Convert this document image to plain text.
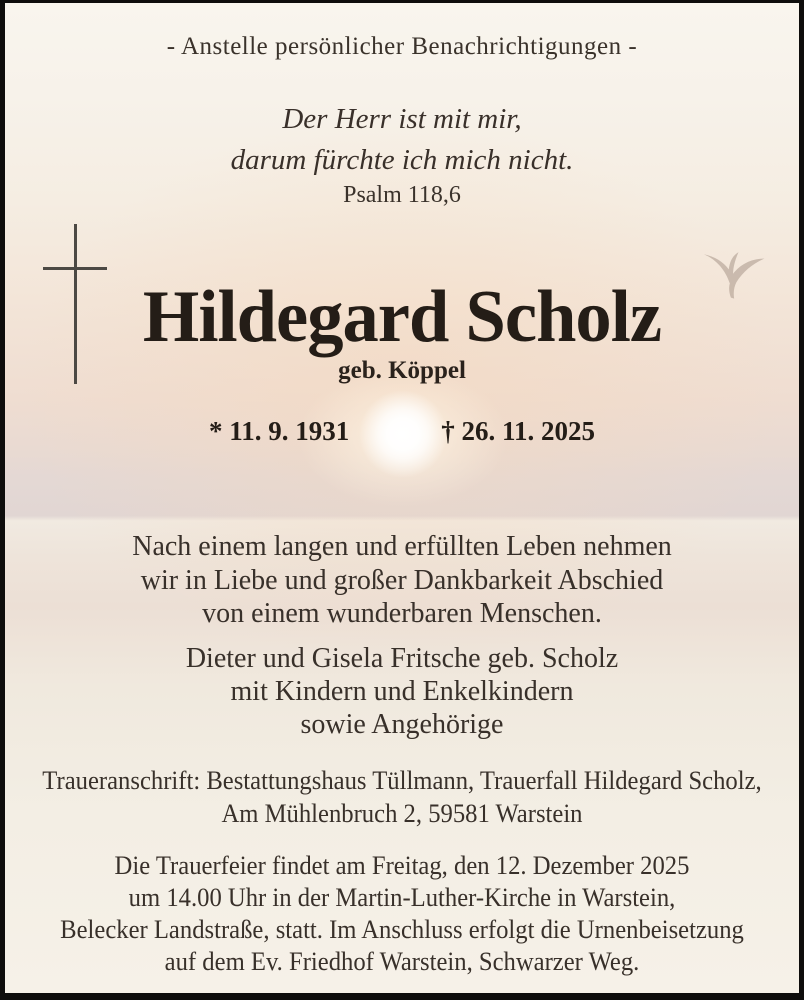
- Anstelle persönlicher Benachrichtigungen -
Der Herr ist mit mir,
darum fürchte ich mich nicht.
Psalm 118,6
Hildegard Scholz
geb. Köppel
* 11. 9. 1931	† 26. 11. 2025
Nach einem langen und erfüllten Leben nehmen
wir in Liebe und großer Dankbarkeit Abschied
von einem wunderbaren Menschen.
Dieter und Gisela Fritsche geb. Scholz
mit Kindern und Enkelkindern
sowie Angehörige
Traueranschrift: Bestattungshaus Tüllmann, Trauerfall Hildegard Scholz,
Am Mühlenbruch 2, 59581 Warstein
Die Trauerfeier findet am Freitag, den 12. Dezember 2025
um 14.00 Uhr in der Martin-Luther-Kirche in Warstein,
Belecker Landstraße, statt. Im Anschluss erfolgt die Urnenbeisetzung
auf dem Ev. Friedhof Warstein, Schwarzer Weg.
